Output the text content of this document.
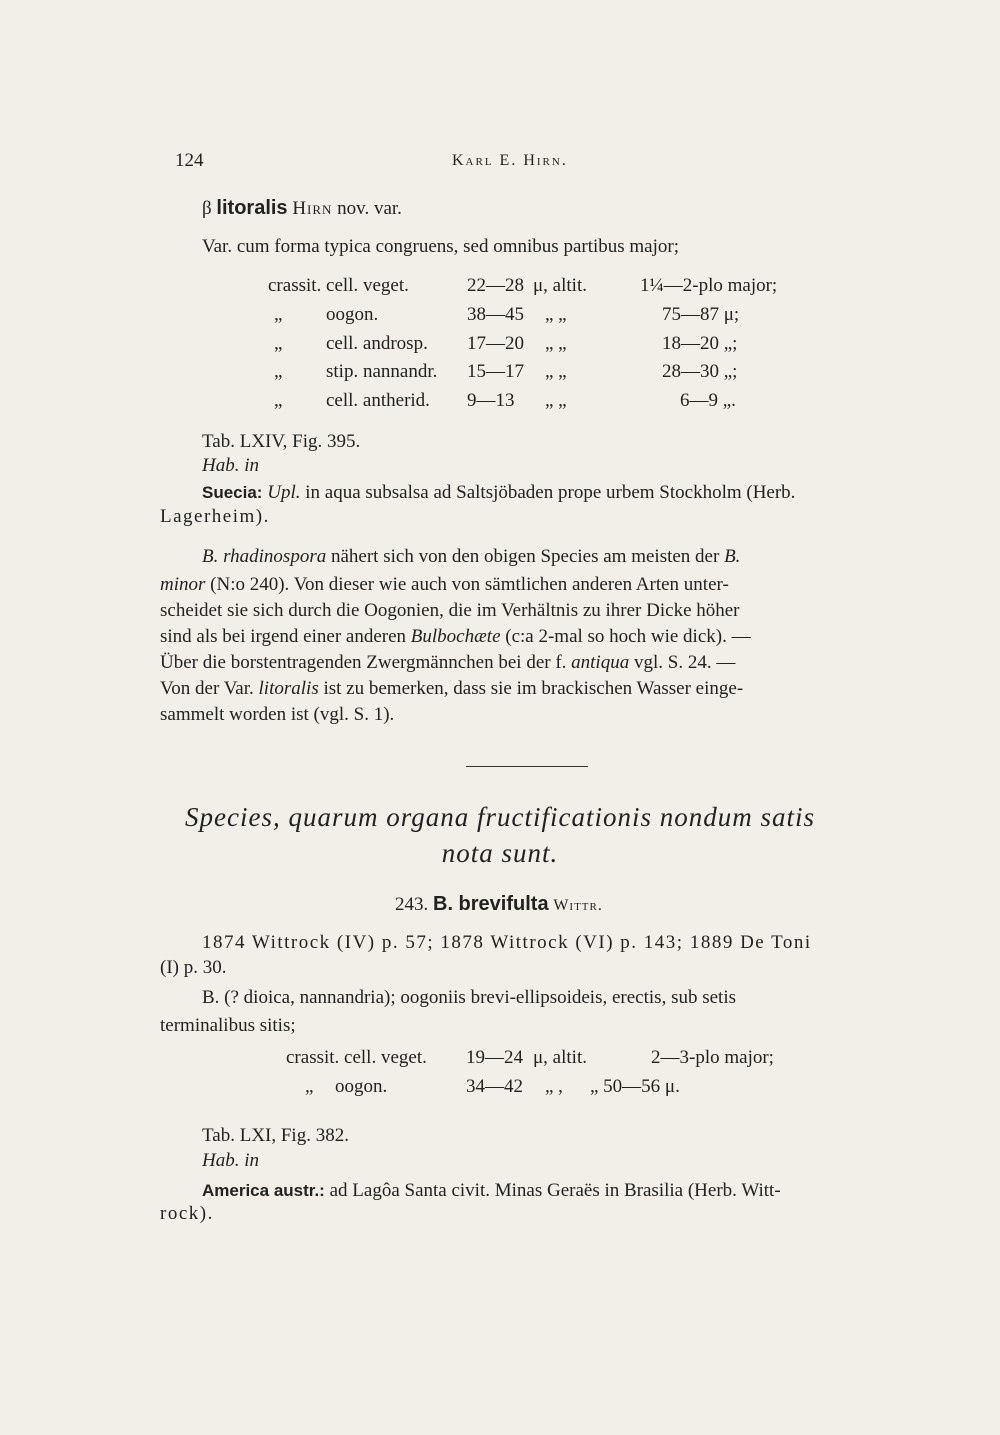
124	Karl E. Hirn.
β litoralis Hirn nov. var.
Var. cum forma typica congruens, sed omnibus partibus major;
crassit. cell. veget.	22—28 μ, altit.	1¼—2-plo major;
„ oogon.	38—45 „ „	75—87 μ;
„ cell. androsp. 17—20 „ „	18—20 „;
„ stip. nannandr. 15—17 „ „	28—30 „;
„ cell. antherid. 9—13 „ „	6—9 „.
Tab. LXIV, Fig. 395.
Hab. in
Suecia: Upl. in aqua subsalsa ad Saltsjöbaden prope urbem Stockholm (Herb.
Lagerheim).
B. rhadinospora nähert sich von den obigen Species am meisten der B.
minor (N:o 240). Von dieser wie auch von sämtlichen anderen Arten unter-
scheidet sie sich durch die Oogonien, die im Verhältnis zu ihrer Dicke höher
sind als bei irgend einer anderen Bulbochæte (c:a 2-mal so hoch wie dick). —
Über die borstentragenden Zwergmännchen bei der f. antiqua vgl. S. 24. —
Von der Var. litoralis ist zu bemerken, dass sie im brackischen Wasser einge-
sammelt worden ist (vgl. S. 1).
Species, quarum organa fructificationis nondum satis
nota sunt.
243. B. brevifulta Wittr.
1874 Wittrock (IV) p. 57; 1878 Wittrock (VI) p. 143; 1889 De Toni
(I) p. 30.
B. (? dioica, nannandria); oogoniis brevi-ellipsoideis, erectis, sub setis
terminalibus sitis;
crassit. cell. veget. 19—24 μ, altit.	2—3-plo major;
„ oogon.	34—42 „ , „ 50—56 μ.
Tab. LXI, Fig. 382.
Hab. in
America austr.: ad Lagôa Santa civit. Minas Geraës in Brasilia (Herb. Witt-
rock).
